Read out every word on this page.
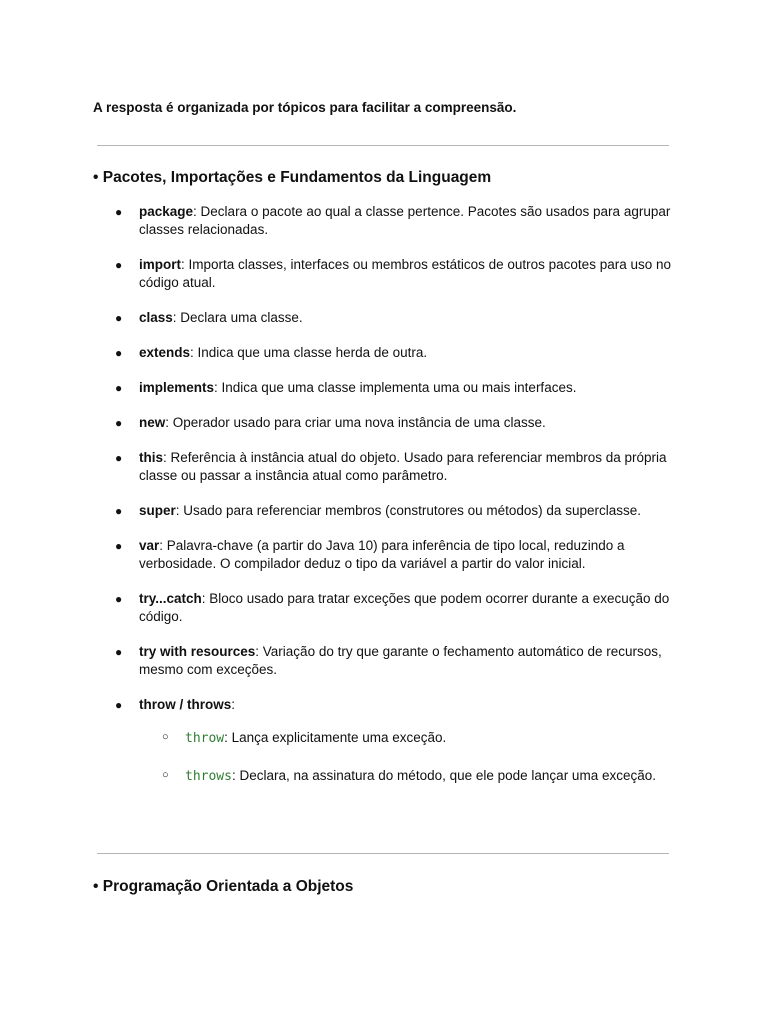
A resposta é organizada por tópicos para facilitar a compreensão.

• Pacotes, Importações e Fundamentos da Linguagem
●	package: Declara o pacote ao qual a classe pertence. Pacotes são usados para agrupar classes relacionadas.
●	import: Importa classes, interfaces ou membros estáticos de outros pacotes para uso no código atual.
●	class: Declara uma classe.
●	extends: Indica que uma classe herda de outra.
●	implements: Indica que uma classe implementa uma ou mais interfaces.
●	new: Operador usado para criar uma nova instância de uma classe.
●	this: Referência à instância atual do objeto. Usado para referenciar membros da própria classe ou passar a instância atual como parâmetro.
●	super: Usado para referenciar membros (construtores ou métodos) da superclasse.
●	var: Palavra-chave (a partir do Java 10) para inferência de tipo local, reduzindo a verbosidade. O compilador deduz o tipo da variável a partir do valor inicial.
●	try...catch: Bloco usado para tratar exceções que podem ocorrer durante a execução do código.
●	try with resources: Variação do try que garante o fechamento automático de recursos, mesmo com exceções.
●	throw / throws:
○ throw: Lança explicitamente uma exceção.
○ throws: Declara, na assinatura do método, que ele pode lançar uma exceção.
• Programação Orientada a Objetos
